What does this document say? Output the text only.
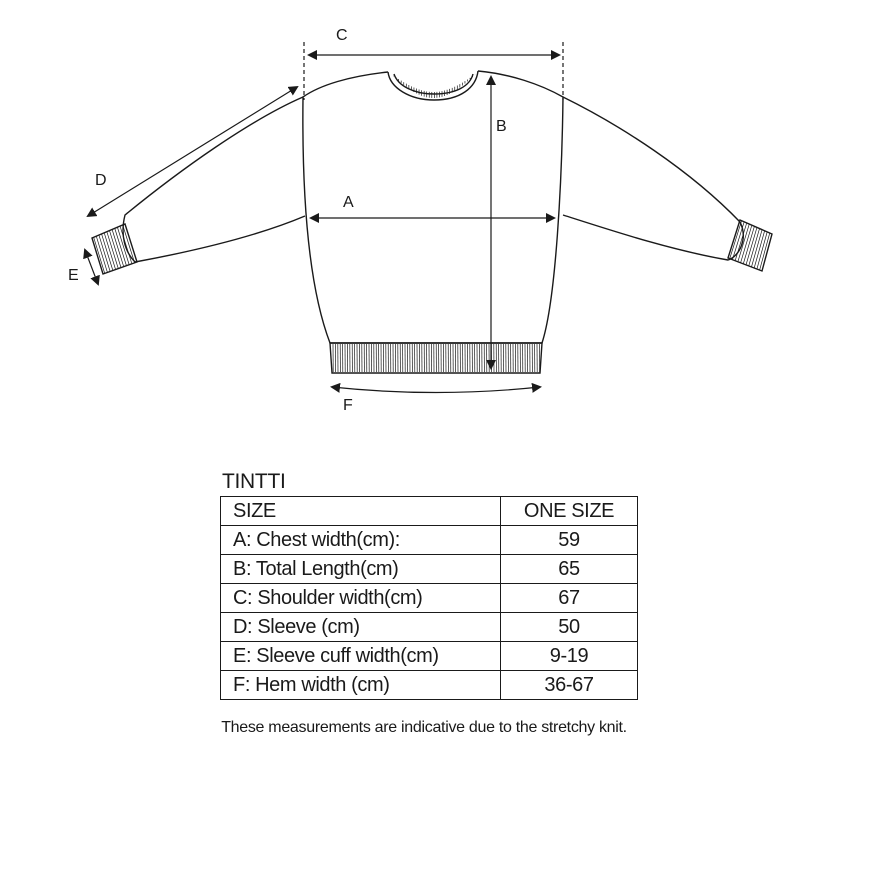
C
B
A
D
E
F
TINTTI
SIZE	ONE SIZE
A: Chest width(cm):	59
B: Total Length(cm)	65
C: Shoulder width(cm)	67
D: Sleeve (cm)	50
E: Sleeve cuff width(cm)	9-19
F: Hem width (cm)	36-67
These measurements are indicative due to the stretchy knit.
